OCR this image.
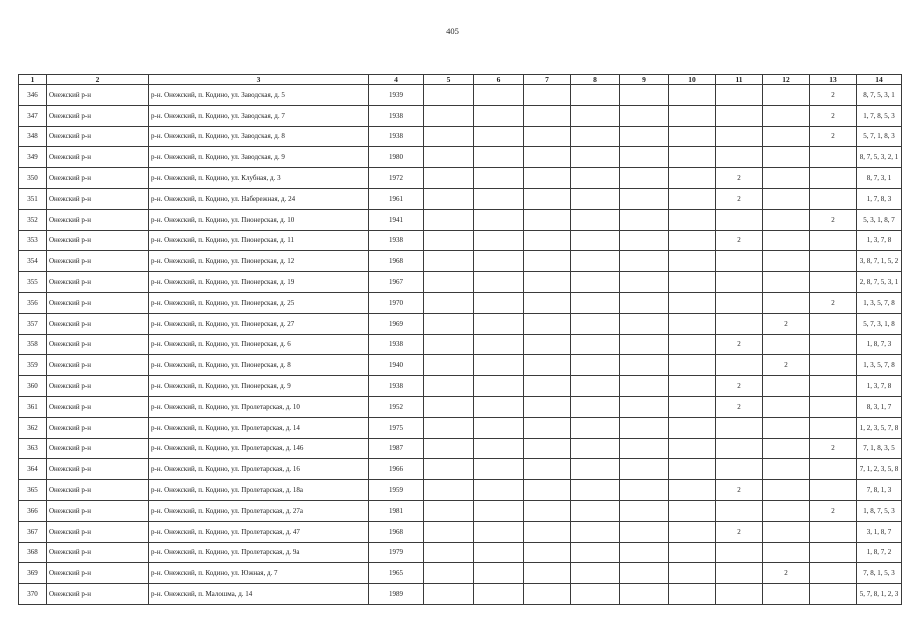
405
1	2	3	4	5	6	7	8	9	10	11	12	13	14
346	Онежский р-н	р-н. Онежский, п. Кодино, ул. Заводская, д. 5	1939									2	8, 7, 5, 3, 1
347	Онежский р-н	р-н. Онежский, п. Кодино, ул. Заводская, д. 7	1938									2	1, 7, 8, 5, 3
348	Онежский р-н	р-н. Онежский, п. Кодино, ул. Заводская, д. 8	1938									2	5, 7, 1, 8, 3
349	Онежский р-н	р-н. Онежский, п. Кодино, ул. Заводская, д. 9	1980										8, 7, 5, 3, 2, 1
350	Онежский р-н	р-н. Онежский, п. Кодино, ул. Клубная, д. 3	1972							2			8, 7, 3, 1
351	Онежский р-н	р-н. Онежский, п. Кодино, ул. Набережная, д. 24	1961							2			1, 7, 8, 3
352	Онежский р-н	р-н. Онежский, п. Кодино, ул. Пионерская, д. 10	1941									2	5, 3, 1, 8, 7
353	Онежский р-н	р-н. Онежский, п. Кодино, ул. Пионерская, д. 11	1938							2			1, 3, 7, 8
354	Онежский р-н	р-н. Онежский, п. Кодино, ул. Пионерская, д. 12	1968										3, 8, 7, 1, 5, 2
355	Онежский р-н	р-н. Онежский, п. Кодино, ул. Пионерская, д. 19	1967										2, 8, 7, 5, 3, 1
356	Онежский р-н	р-н. Онежский, п. Кодино, ул. Пионерская, д. 25	1970									2	1, 3, 5, 7, 8
357	Онежский р-н	р-н. Онежский, п. Кодино, ул. Пионерская, д. 27	1969								2		5, 7, 3, 1, 8
358	Онежский р-н	р-н. Онежский, п. Кодино, ул. Пионерская, д. 6	1938							2			1, 8, 7, 3
359	Онежский р-н	р-н. Онежский, п. Кодино, ул. Пионерская, д. 8	1940								2		1, 3, 5, 7, 8
360	Онежский р-н	р-н. Онежский, п. Кодино, ул. Пионерская, д. 9	1938							2			1, 3, 7, 8
361	Онежский р-н	р-н. Онежский, п. Кодино, ул. Пролетарская, д. 10	1952							2			8, 3, 1, 7
362	Онежский р-н	р-н. Онежский, п. Кодино, ул. Пролетарская, д. 14	1975										1, 2, 3, 5, 7, 8
363	Онежский р-н	р-н. Онежский, п. Кодино, ул. Пролетарская, д. 146	1987									2	7, 1, 8, 3, 5
364	Онежский р-н	р-н. Онежский, п. Кодино, ул. Пролетарская, д. 16	1966										7, 1, 2, 3, 5, 8
365	Онежский р-н	р-н. Онежский, п. Кодино, ул. Пролетарская, д. 18а	1959							2			7, 8, 1, 3
366	Онежский р-н	р-н. Онежский, п. Кодино, ул. Пролетарская, д. 27а	1981									2	1, 8, 7, 5, 3
367	Онежский р-н	р-н. Онежский, п. Кодино, ул. Пролетарская, д. 47	1968							2			3, 1, 8, 7
368	Онежский р-н	р-н. Онежский, п. Кодино, ул. Пролетарская, д. 9а	1979										1, 8, 7, 2
369	Онежский р-н	р-н. Онежский, п. Кодино, ул. Южная, д. 7	1965								2		7, 8, 1, 5, 3
370	Онежский р-н	р-н. Онежский, п. Малошма, д. 14	1989										5, 7, 8, 1, 2, 3
